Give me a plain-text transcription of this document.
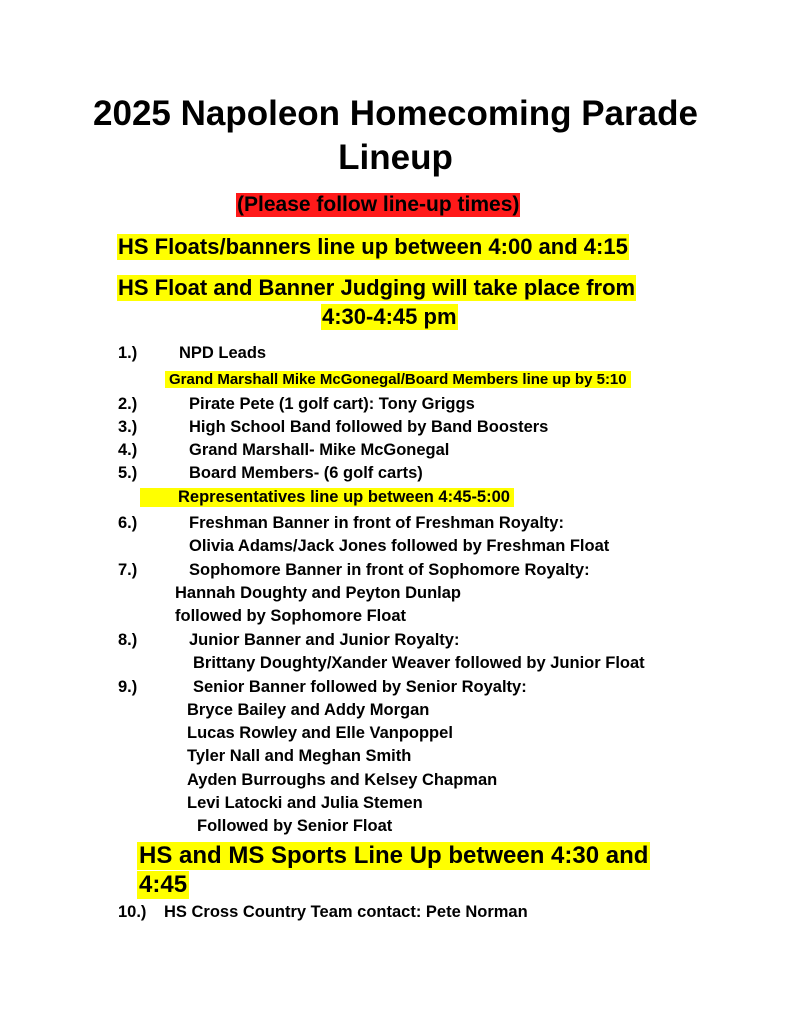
2025 Napoleon Homecoming Parade
Lineup
(Please follow line-up times)
HS Floats/banners line up between 4:00 and 4:15
HS Float and Banner Judging will take place from
4:30-4:45 pm
1.)	NPD Leads
Grand Marshall Mike McGonegal/Board Members line up by 5:10
2.)	Pirate Pete (1 golf cart): Tony Griggs
3.)	High School Band followed by Band Boosters
4.)	Grand Marshall- Mike McGonegal
5.)	Board Members- (6 golf carts)
Representatives line up between 4:45-5:00
6.)	Freshman Banner in front of Freshman Royalty:
Olivia Adams/Jack Jones followed by Freshman Float
7.)	Sophomore Banner in front of Sophomore Royalty:
Hannah Doughty and Peyton Dunlap
followed by Sophomore Float
8.)	Junior Banner and Junior Royalty:
Brittany Doughty/Xander Weaver followed by Junior Float
9.)	Senior Banner followed by Senior Royalty:
Bryce Bailey and Addy Morgan
Lucas Rowley and Elle Vanpoppel
Tyler Nall and Meghan Smith
Ayden Burroughs and Kelsey Chapman
Levi Latocki and Julia Stemen
Followed by Senior Float
HS and MS Sports Line Up between 4:30 and
4:45
10.) HS Cross Country Team contact: Pete Norman
